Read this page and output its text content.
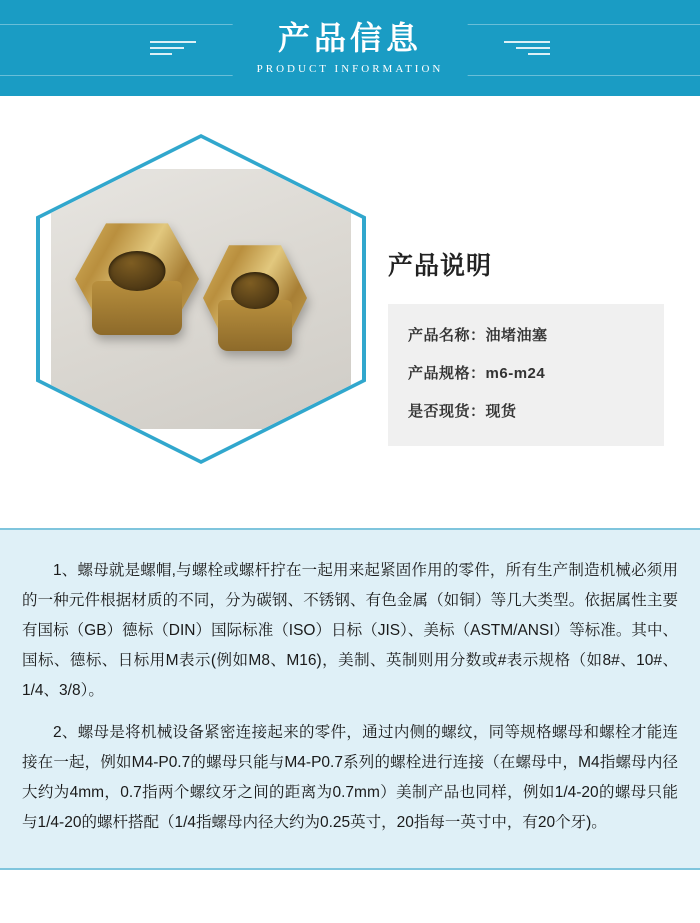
产品信息
PRODUCT INFORMATION
产品说明
产品名称：油堵油塞
产品规格：m6-m24
是否现货：现货

1、螺母就是螺帽,与螺栓或螺杆拧在一起用来起紧固作用的零件，所有生产制造机械必须用的一种元件根据材质的不同，分为碳钢、不锈钢、有色金属（如铜）等几大类型。依据属性主要有国标（GB）德标（DIN）国际标准（ISO）日标（JIS）、美标（ASTM/ANSI）等标准。其中、国标、德标、日标用M表示(例如M8、M16)，美制、英制则用分数或#表示规格（如8#、10#、1/4、3/8）。

2、螺母是将机械设备紧密连接起来的零件，通过内侧的螺纹，同等规格螺母和螺栓才能连接在一起，例如M4-P0.7的螺母只能与M4-P0.7系列的螺栓进行连接（在螺母中，M4指螺母内径大约为4mm，0.7指两个螺纹牙之间的距离为0.7mm）美制产品也同样，例如1/4-20的螺母只能与1/4-20的螺杆搭配（1/4指螺母内径大约为0.25英寸，20指每一英寸中，有20个牙)。
